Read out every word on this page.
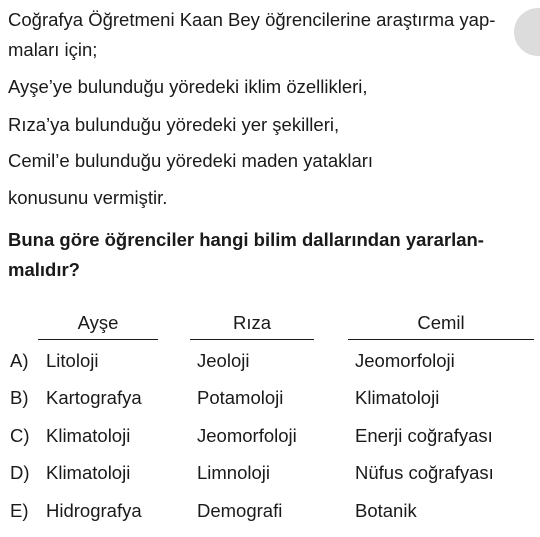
Coğrafya Öğretmeni Kaan Bey öğrencilerine araştırma yap-
maları için;
Ayşe’ye bulunduğu yöredeki iklim özellikleri,
Rıza’ya bulunduğu yöredeki yer şekilleri,
Cemil’e bulunduğu yöredeki maden yatakları
konusunu vermiştir.
Buna göre öğrenciler hangi bilim dallarından yararlan-
malıdır?
Ayşe	Rıza	Cemil
A) Litoloji	Jeoloji	Jeomorfoloji
B) Kartografya	Potamoloji	Klimatoloji
C) Klimatoloji	Jeomorfoloji	Enerji coğrafyası
D) Klimatoloji	Limnoloji	Nüfus coğrafyası
E) Hidrografya	Demografi	Botanik
